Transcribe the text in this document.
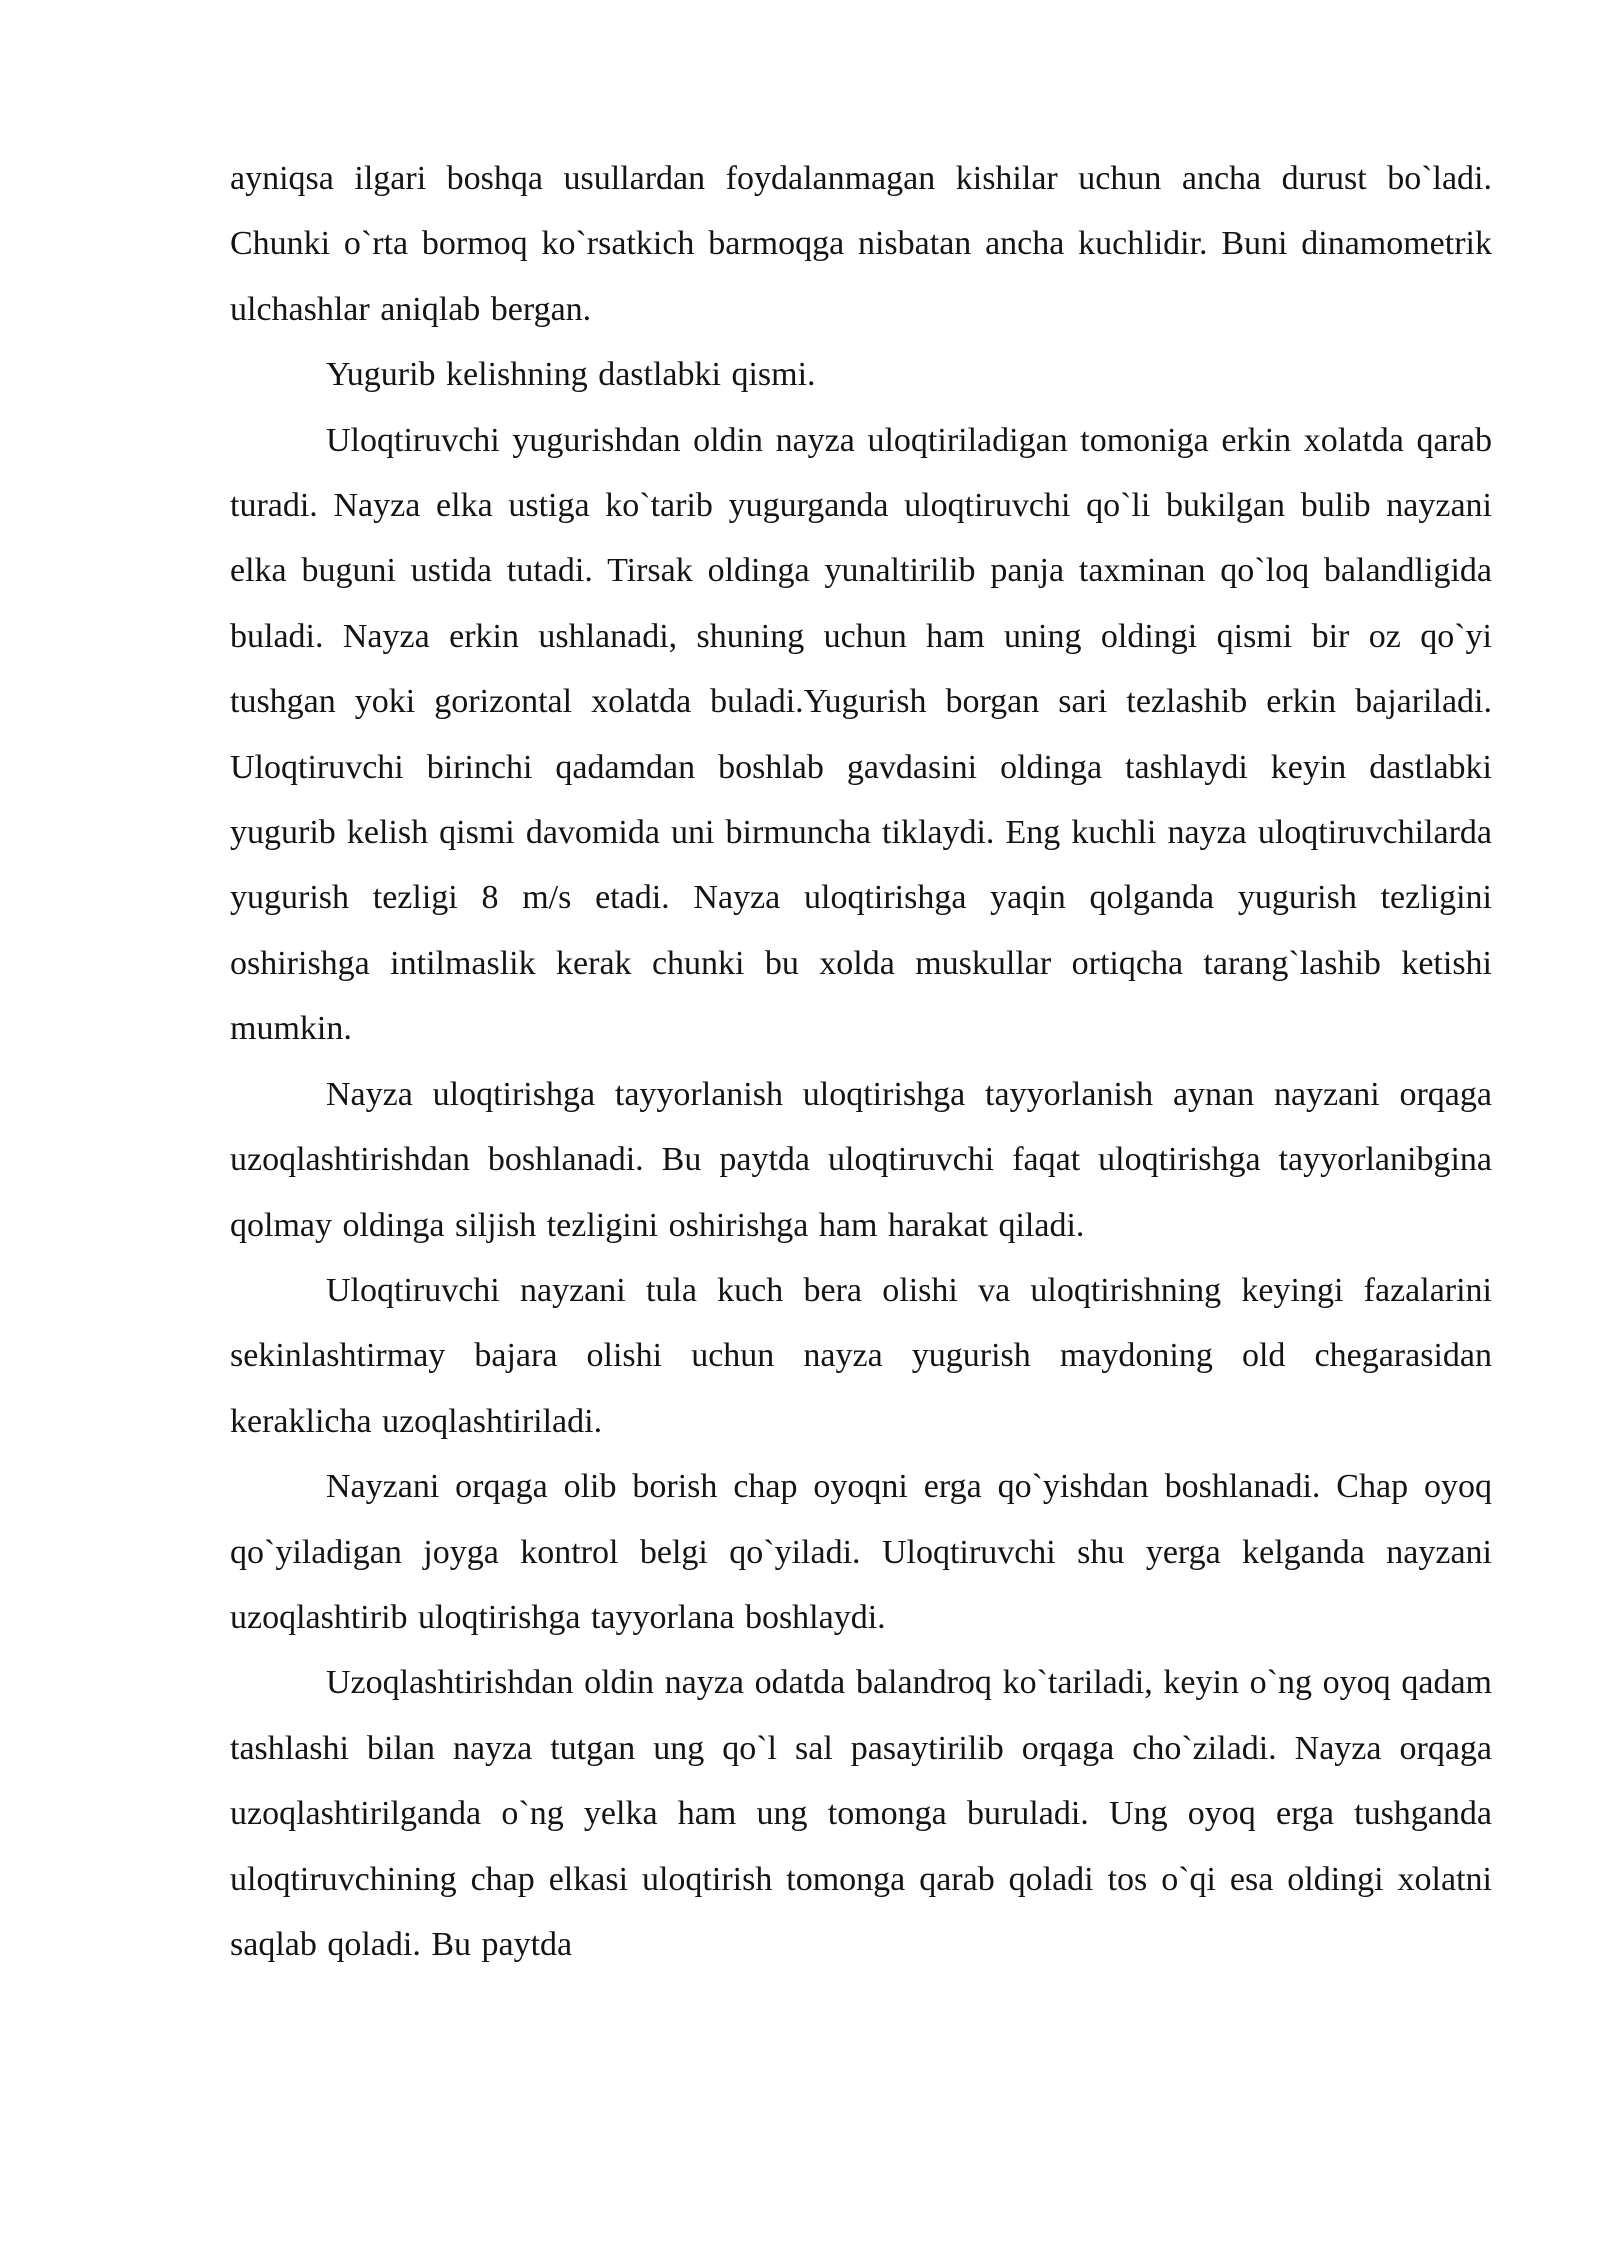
ayniqsa ilgari boshqa usullardan foydalanmagan kishilar uchun ancha durust bo`ladi. Chunki o`rta bormoq ko`rsatkich barmoqga nisbatan ancha kuchlidir. Buni dinamometrik ulchashlar aniqlab bergan.

Yugurib kelishning dastlabki qismi.

Uloqtiruvchi yugurishdan oldin nayza uloqtiriladigan tomoniga erkin xolatda qarab turadi. Nayza elka ustiga ko`tarib yugurganda uloqtiruvchi qo`li bukilgan bulib nayzani elka buguni ustida tutadi. Tirsak oldinga yunaltirilib panja taxminan qo`loq balandligida buladi. Nayza erkin ushlanadi, shuning uchun ham uning oldingi qismi bir oz qo`yi tushgan yoki gorizontal xolatda buladi.Yugurish borgan sari tezlashib erkin bajariladi. Uloqtiruvchi birinchi qadamdan boshlab gavdasini oldinga tashlaydi keyin dastlabki yugurib kelish qismi davomida uni birmuncha tiklaydi. Eng kuchli nayza uloqtiruvchilarda yugurish tezligi 8 m/s etadi. Nayza uloqtirishga yaqin qolganda yugurish tezligini oshirishga intilmaslik kerak chunki bu xolda muskullar ortiqcha tarang`lashib ketishi mumkin.

Nayza uloqtirishga tayyorlanish uloqtirishga tayyorlanish aynan nayzani orqaga uzoqlashtirishdan boshlanadi. Bu paytda uloqtiruvchi faqat uloqtirishga tayyorlanibgina qolmay oldinga siljish tezligini oshirishga ham harakat qiladi.

Uloqtiruvchi nayzani tula kuch bera olishi va uloqtirishning keyingi fazalarini sekinlashtirmay bajara olishi uchun nayza yugurish maydoning old chegarasidan keraklicha uzoqlashtiriladi.

Nayzani orqaga olib borish chap oyoqni erga qo`yishdan boshlanadi. Chap oyoq qo`yiladigan joyga kontrol belgi qo`yiladi. Uloqtiruvchi shu yerga kelganda nayzani uzoqlashtirib uloqtirishga tayyorlana boshlaydi.

Uzoqlashtirishdan oldin nayza odatda balandroq ko`tariladi, keyin o`ng oyoq qadam tashlashi bilan nayza tutgan ung qo`l sal pasaytirilib orqaga cho`ziladi. Nayza orqaga uzoqlashtirilganda o`ng yelka ham ung tomonga buruladi. Ung oyoq erga tushganda uloqtiruvchining chap elkasi uloqtirish tomonga qarab qoladi tos o`qi esa oldingi xolatni saqlab qoladi. Bu paytda
